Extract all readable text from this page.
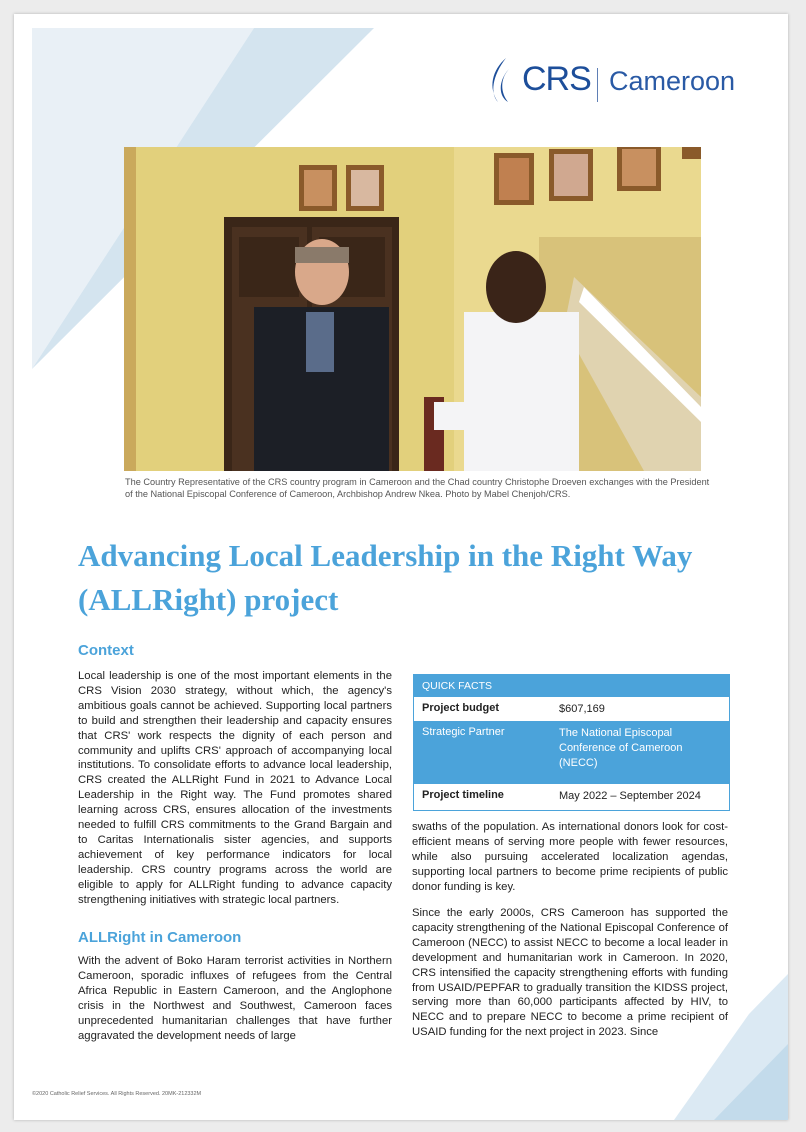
CRS Cameroon
The Country Representative of the CRS country program in Cameroon and the Chad country Christophe Droeven exchanges with the President of the National Episcopal Conference of Cameroon, Archbishop Andrew Nkea. Photo by Mabel Chenjoh/CRS.
Advancing Local Leadership in the Right Way (ALLRight) project
Context

Local leadership is one of the most important elements in the CRS Vision 2030 strategy, without which, the agency's ambitious goals cannot be achieved. Supporting local partners to build and strengthen their leadership and capacity ensures that CRS' work respects the dignity of each person and community and uplifts CRS' approach of accompanying local institutions. To consolidate efforts to advance local leadership, CRS created the ALLRight Fund in 2021 to Advance Local Leadership in the Right way. The Fund promotes shared learning across CRS, ensures allocation of the investments needed to fulfill CRS commitments to the Grand Bargain and to Caritas Internationalis sister agencies, and supports achievement of key performance indicators for local leadership. CRS country programs across the world are eligible to apply for ALLRight funding to advance capacity strengthening initiatives with strategic local partners.

ALLRight in Cameroon

With the advent of Boko Haram terrorist activities in Northern Cameroon, sporadic influxes of refugees from the Central Africa Republic in Eastern Cameroon, and the Anglophone crisis in the Northwest and Southwest, Cameroon faces unprecedented humanitarian challenges that have further aggravated the development needs of large

QUICK FACTS
Project budget	$607,169
Strategic Partner	The National Episcopal Conference of Cameroon (NECC)
Project timeline	May 2022 – September 2024

swaths of the population. As international donors look for cost-efficient means of serving more people with fewer resources, while also pursuing accelerated localization agendas, supporting local partners to become prime recipients of public donor funding is key.

Since the early 2000s, CRS Cameroon has supported the capacity strengthening of the National Episcopal Conference of Cameroon (NECC) to assist NECC to become a local leader in development and humanitarian work in Cameroon. In 2020, CRS intensified the capacity strengthening efforts with funding from USAID/PEPFAR to gradually transition the KIDSS project, serving more than 60,000 participants affected by HIV, to NECC and to prepare NECC to become a prime recipient of USAID funding for the next project in 2023. Since

©2020 Catholic Relief Services. All Rights Reserved. 20MK-212332M
